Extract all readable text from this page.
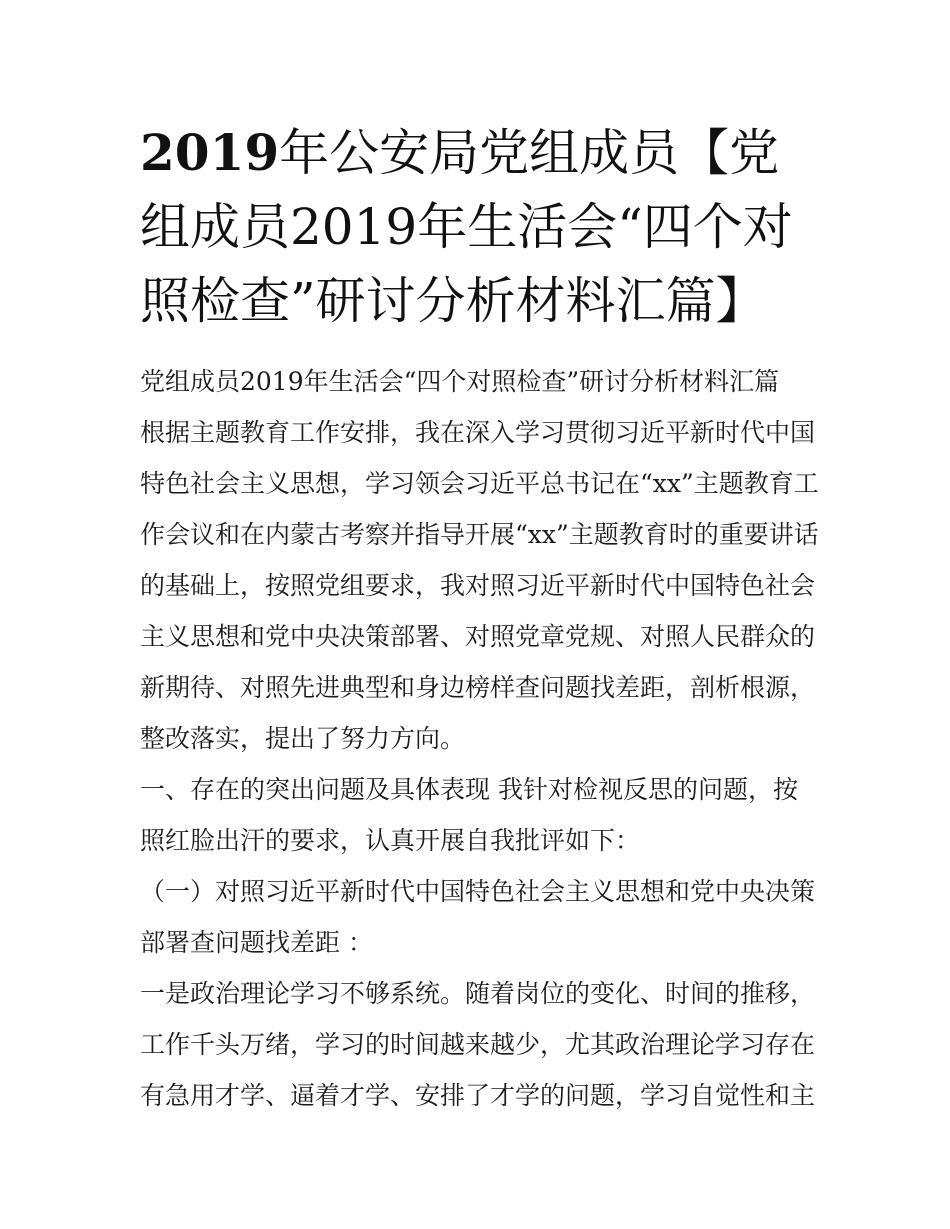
2019年公安局党组成员【党组成员2019年生活会“四个对照检查”研讨分析材料汇篇】

党组成员2019年生活会“四个对照检查”研讨分析材料汇篇

根据主题教育工作安排，我在深入学习贯彻习近平新时代中国特色社会主义思想，学习领会习近平总书记在“xx”主题教育工作会议和在内蒙古考察并指导开展“xx”主题教育时的重要讲话的基础上，按照党组要求，我对照习近平新时代中国特色社会主义思想和党中央决策部署、对照党章党规、对照人民群众的新期待、对照先进典型和身边榜样查问题找差距，剖析根源，整改落实，提出了努力方向。

一、存在的突出问题及具体表现 我针对检视反思的问题，按照红脸出汗的要求，认真开展自我批评如下：

（一）对照习近平新时代中国特色社会主义思想和党中央决策部署查问题找差距 ：

一是政治理论学习不够系统。随着岗位的变化、时间的推移，工作千头万绪，学习的时间越来越少，尤其政治理论学习存在有急用才学、逼着才学、安排了才学的问题，学习自觉性和主
